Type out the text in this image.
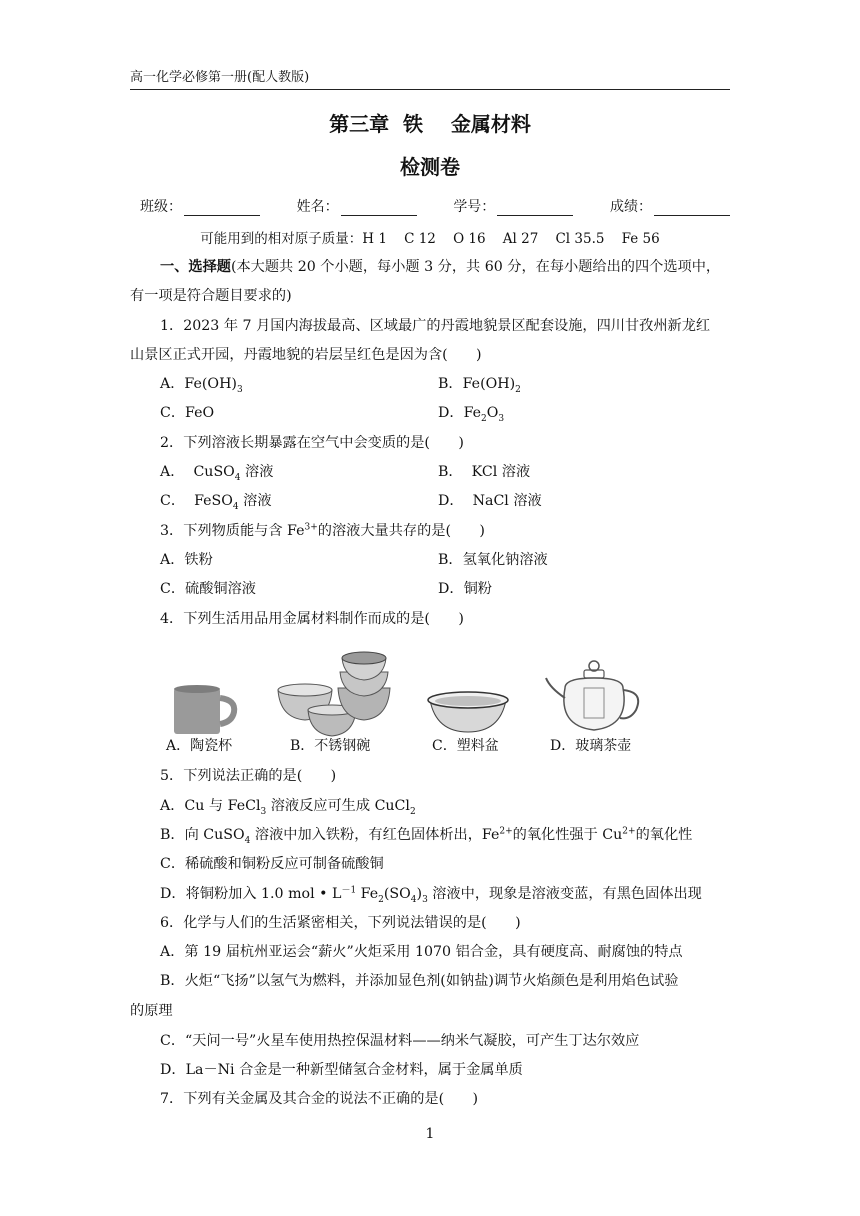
高一化学必修第一册(配人教版)
第三章  铁    金属材料
检测卷
班级：	姓名：	学号：	成绩：
可能用到的相对原子质量：H 1    C 12    O 16    Al 27    Cl 35.5    Fe 56
一、选择题(本大题共 20 个小题，每小题 3 分，共 60 分，在每小题给出的四个选项中，
有一项是符合题目要求的)
1．2023 年 7 月国内海拔最高、区域最广的丹霞地貌景区配套设施，四川甘孜州新龙红
山景区正式开园，丹霞地貌的岩层呈红色是因为含(　　)
A．$Fe(OH)_3$	B．$Fe(OH)_2$
C．FeO	D．$Fe_2O_3$
2．下列溶液长期暴露在空气中会变质的是(　　)
A．  CuSO$_4$ 溶液	B．  KCl 溶液
C．  FeSO$_4$ 溶液	D．  NaCl 溶液
3．下列物质能与含 $Fe^{3+}$的溶液大量共存的是(　　)
A．铁粉	B．氢氧化钠溶液
C．硫酸铜溶液	D．铜粉
4．下列生活用品用金属材料制作而成的是(　　)
A．陶瓷杯	B．不锈钢碗	C．塑料盆	D．玻璃茶壶
5．下列说法正确的是(　　)
A．Cu 与 FeCl$_3$ 溶液反应可生成 CuCl$_2$
B．向 CuSO$_4$ 溶液中加入铁粉，有红色固体析出，$Fe^{2+}$的氧化性强于 $Cu^{2+}$的氧化性
C．稀硫酸和铜粉反应可制备硫酸铜
D．将铜粉加入 1.0 mol • $L^{-1}$ $Fe_2(SO_4)_3$ 溶液中，现象是溶液变蓝，有黑色固体出现
6．化学与人们的生活紧密相关，下列说法错误的是(　　)
A．第 19 届杭州亚运会“薪火”火炬采用 1070 铝合金，具有硬度高、耐腐蚀的特点
B．火炬“飞扬”以氢气为燃料，并添加显色剂(如钠盐)调节火焰颜色是利用焰色试验
的原理
C．“天问一号”火星车使用热控保温材料——纳米气凝胶，可产生丁达尔效应
D．La－Ni 合金是一种新型储氢合金材料，属于金属单质
7．下列有关金属及其合金的说法不正确的是(　　)
1
